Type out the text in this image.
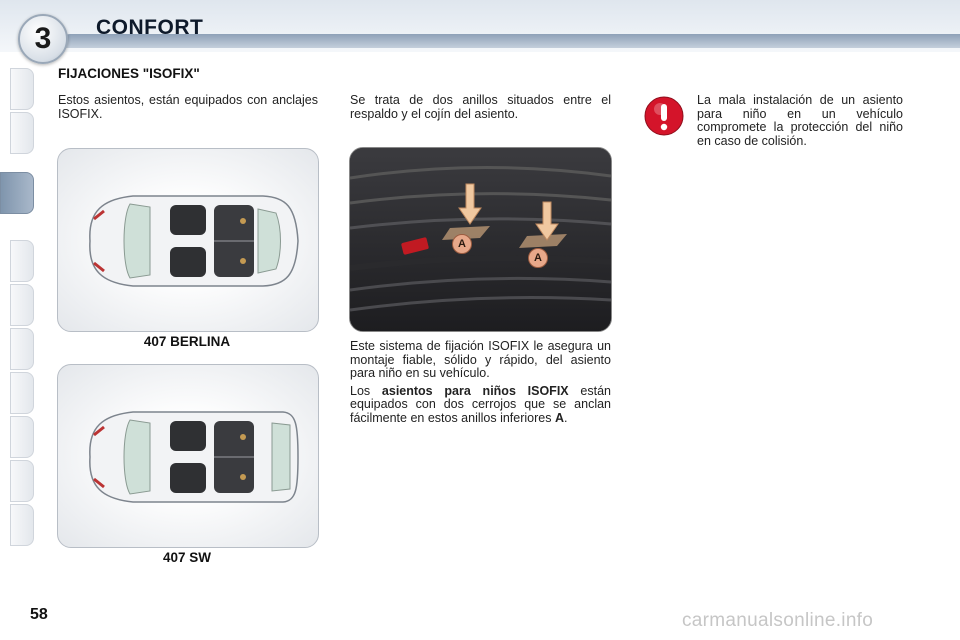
3	CONFORT
FIJACIONES "ISOFIX"

Estos asientos, están equipados con anclajes ISOFIX.

407 BERLINA
407 SW

Se trata de dos anillos situados entre el respaldo y el cojín del asiento.

A
A

Este sistema de fijación ISOFIX le asegura un montaje fiable, sólido y rápido, del asiento para niño en su vehículo.

Los asientos para niños ISOFIX están equipados con dos cerrojos que se anclan fácilmente en estos anillos inferiores A.

La mala instalación de un asiento para niño en un vehículo compromete la protección del niño en caso de colisión.

58	carmanualsonline.info
